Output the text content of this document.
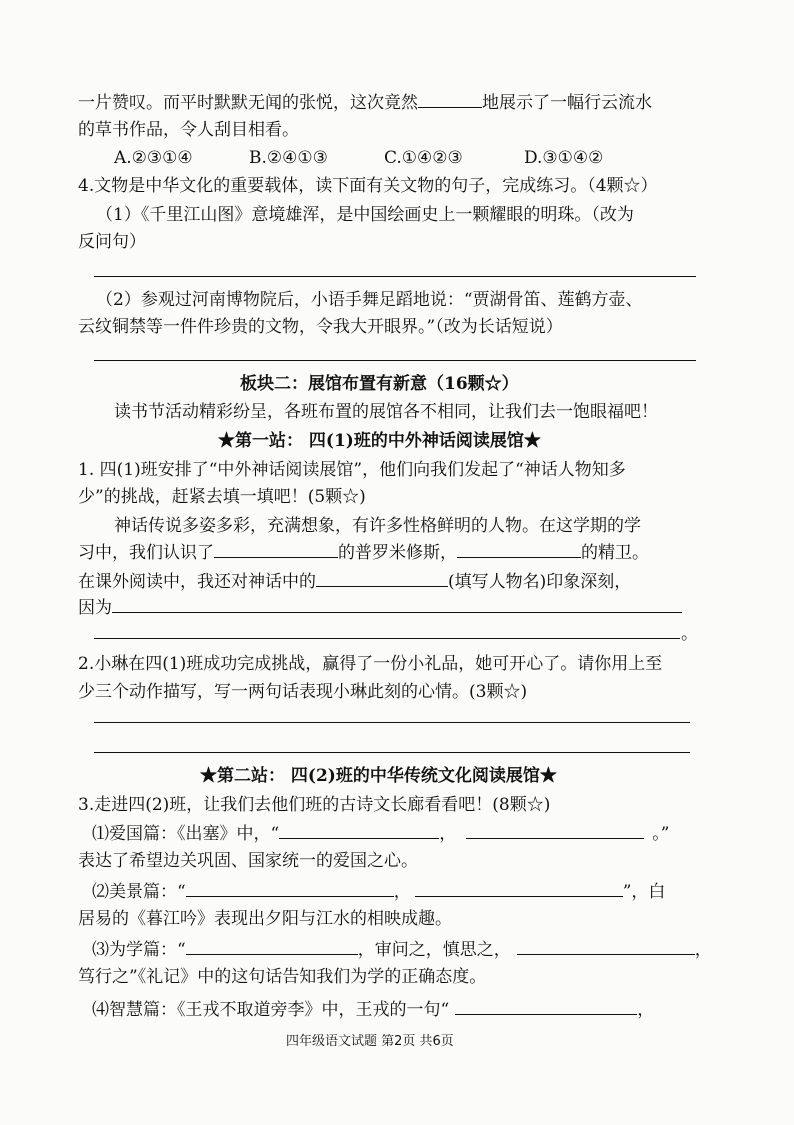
一片赞叹。而平时默默无闻的张悦，这次竟然	地展示了一幅行云流水
的草书作品，令人刮目相看。
A.②③①④	B.②④①③	C.①④②③	D.③①④②
4.文物是中华文化的重要载体，读下面有关文物的句子，完成练习。（4颗☆）
（1）《千里江山图》意境雄浑，是中国绘画史上一颗耀眼的明珠。（改为
反问句）
（2）参观过河南博物院后，小语手舞足蹈地说：“贾湖骨笛、莲鹤方壶、
云纹铜禁等一件件珍贵的文物，令我大开眼界。”（改为长话短说）
板块二：展馆布置有新意（16颗☆）
读书节活动精彩纷呈，各班布置的展馆各不相同，让我们去一饱眼福吧！
★第一站： 四(1)班的中外神话阅读展馆★
1. 四(1)班安排了“中外神话阅读展馆”，他们向我们发起了“神话人物知多
少”的挑战，赶紧去填一填吧！(5颗☆)
神话传说多姿多彩，充满想象，有许多性格鲜明的人物。在这学期的学
习中，我们认识了	的普罗米修斯，	的精卫。
在课外阅读中，我还对神话中的	(填写人物名)印象深刻，
因为
。
2.小琳在四(1)班成功完成挑战，赢得了一份小礼品，她可开心了。请你用上至
少三个动作描写，写一两句话表现小琳此刻的心情。(3颗☆)
★第二站： 四(2)班的中华传统文化阅读展馆★
3.走进四(2)班，让我们去他们班的古诗文长廊看看吧！(8颗☆)
⑴爱国篇：《出塞》中，“	，	。”
表达了希望边关巩固、国家统一的爱国之心。
⑵美景篇：“	，	”，白
居易的《暮江吟》表现出夕阳与江水的相映成趣。
⑶为学篇：“	，审问之，慎思之，	，
笃行之”《礼记》中的这句话告知我们为学的正确态度。
⑷智慧篇：《王戎不取道旁李》中，王戎的一句“	，
四年级语文试题 第2页 共6页
